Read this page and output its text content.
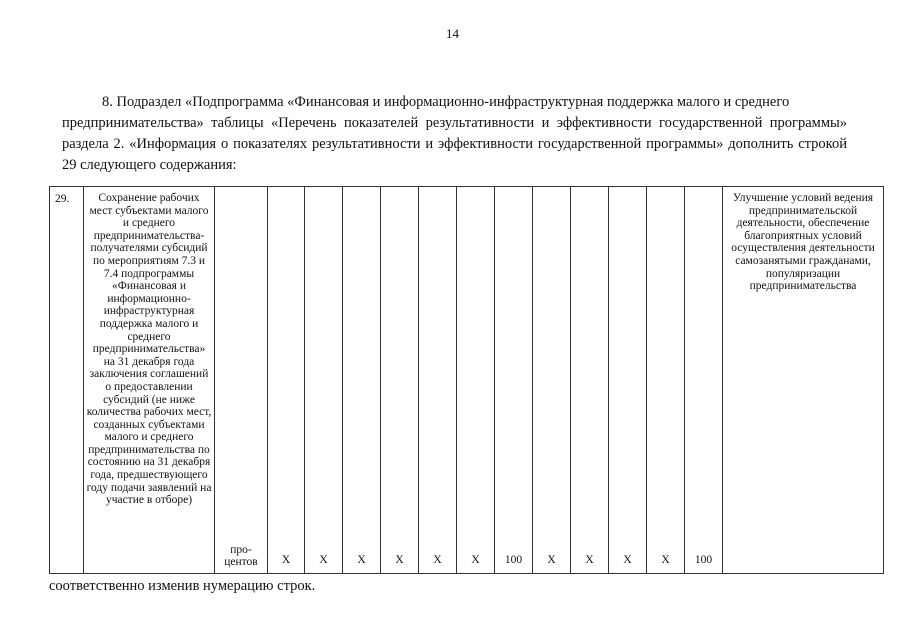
14
8. Подраздел «Подпрограмма «Финансовая и информационно-инфраструктурная поддержка малого и среднего
предпринимательства» таблицы «Перечень показателей результативности и эффективности государственной программы» раздела 2. «Информация о показателях результативности и эффективности государственной программы» дополнить строкой 29 следующего содержания:
29.	Сохранение рабочих мест субъектами малого и среднего предпринимательства-получателями субсидий по мероприятиям 7.3 и 7.4 подпрограммы «Финансовая и информационно-инфраструктурная поддержка малого и среднего предпринимательства» на 31 декабря года заключения соглашений о предоставлении субсидий (не ниже количества рабочих мест, созданных субъектами малого и среднего предпринимательства по состоянию на 31 декабря года, предшествующего году подачи заявлений на участие в отборе)	про-центов	X	X	X	X	X	X	100	X	X	X	X	100	Улучшение условий ведения предпринимательской деятельности, обеспечение благоприятных условий осуществления деятельности самозанятыми гражданами, популяризации предпринимательства
соответственно изменив нумерацию строк.
